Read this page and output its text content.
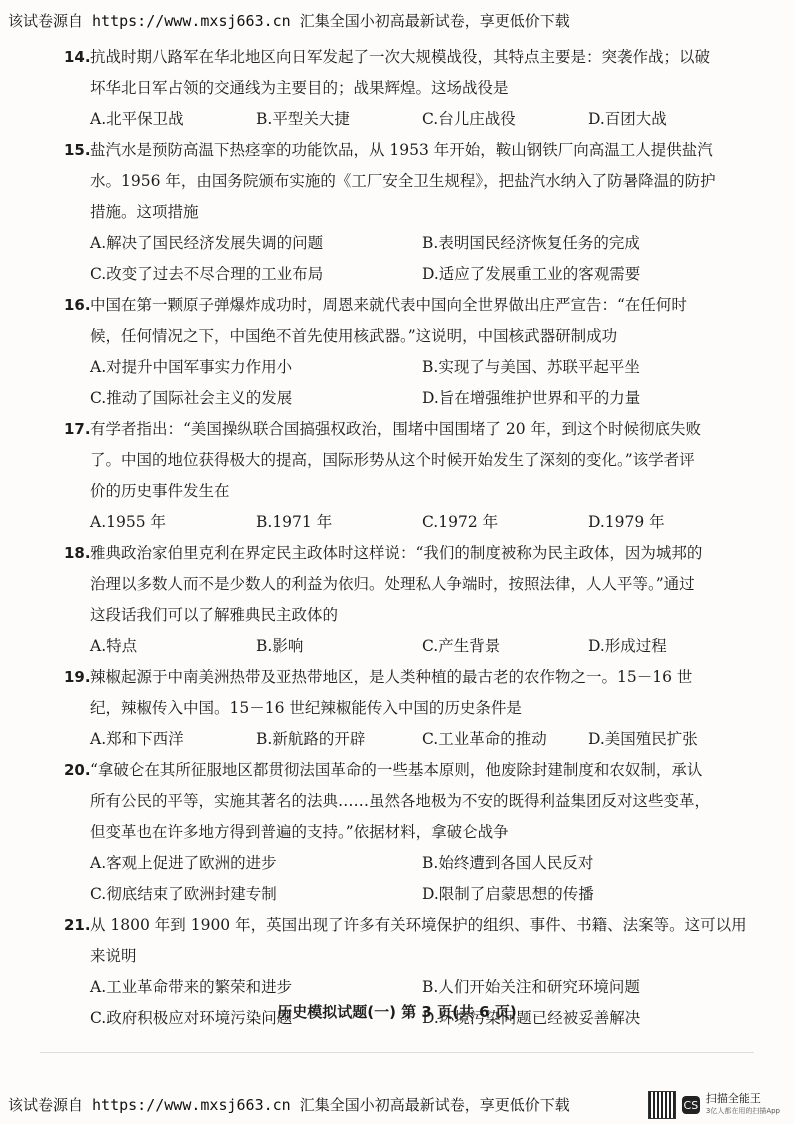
该试卷源自 https://www.mxsj663.cn 汇集全国小初高最新试卷，享更低价下载
14.抗战时期八路军在华北地区向日军发起了一次大规模战役，其特点主要是：突袭作战；以破
坏华北日军占领的交通线为主要目的；战果辉煌。这场战役是
A.北平保卫战	B.平型关大捷	C.台儿庄战役	D.百团大战
15.盐汽水是预防高温下热痉挛的功能饮品，从 1953 年开始，鞍山钢铁厂向高温工人提供盐汽
水。1956 年，由国务院颁布实施的《工厂安全卫生规程》，把盐汽水纳入了防暑降温的防护
措施。这项措施
A.解决了国民经济发展失调的问题	B.表明国民经济恢复任务的完成
C.改变了过去不尽合理的工业布局	D.适应了发展重工业的客观需要
16.中国在第一颗原子弹爆炸成功时，周恩来就代表中国向全世界做出庄严宣告：“在任何时
候，任何情况之下，中国绝不首先使用核武器。”这说明，中国核武器研制成功
A.对提升中国军事实力作用小	B.实现了与美国、苏联平起平坐
C.推动了国际社会主义的发展	D.旨在增强维护世界和平的力量
17.有学者指出：“美国操纵联合国搞强权政治，围堵中国围堵了 20 年，到这个时候彻底失败
了。中国的地位获得极大的提高，国际形势从这个时候开始发生了深刻的变化。”该学者评
价的历史事件发生在
A.1955 年	B.1971 年	C.1972 年	D.1979 年
18.雅典政治家伯里克利在界定民主政体时这样说：“我们的制度被称为民主政体，因为城邦的
治理以多数人而不是少数人的利益为依归。处理私人争端时，按照法律，人人平等。”通过
这段话我们可以了解雅典民主政体的
A.特点	B.影响	C.产生背景	D.形成过程
19.辣椒起源于中南美洲热带及亚热带地区，是人类种植的最古老的农作物之一。15－16 世
纪，辣椒传入中国。15－16 世纪辣椒能传入中国的历史条件是
A.郑和下西洋	B.新航路的开辟	C.工业革命的推动	D.美国殖民扩张
20.“拿破仑在其所征服地区都贯彻法国革命的一些基本原则，他废除封建制度和农奴制，承认
所有公民的平等，实施其著名的法典……虽然各地极为不安的既得利益集团反对这些变革，
但变革也在许多地方得到普遍的支持。”依据材料，拿破仑战争
A.客观上促进了欧洲的进步	B.始终遭到各国人民反对
C.彻底结束了欧洲封建专制	D.限制了启蒙思想的传播
21.从 1800 年到 1900 年，英国出现了许多有关环境保护的组织、事件、书籍、法案等。这可以用
来说明
A.工业革命带来的繁荣和进步	B.人们开始关注和研究环境问题
C.政府积极应对环境污染问题	D.环境污染问题已经被妥善解决
历史模拟试题(一) 第 3 页(共 6 页)
该试卷源自 https://www.mxsj663.cn 汇集全国小初高最新试卷，享更低价下载	CS 扫描全能王
3亿人都在用的扫描App
